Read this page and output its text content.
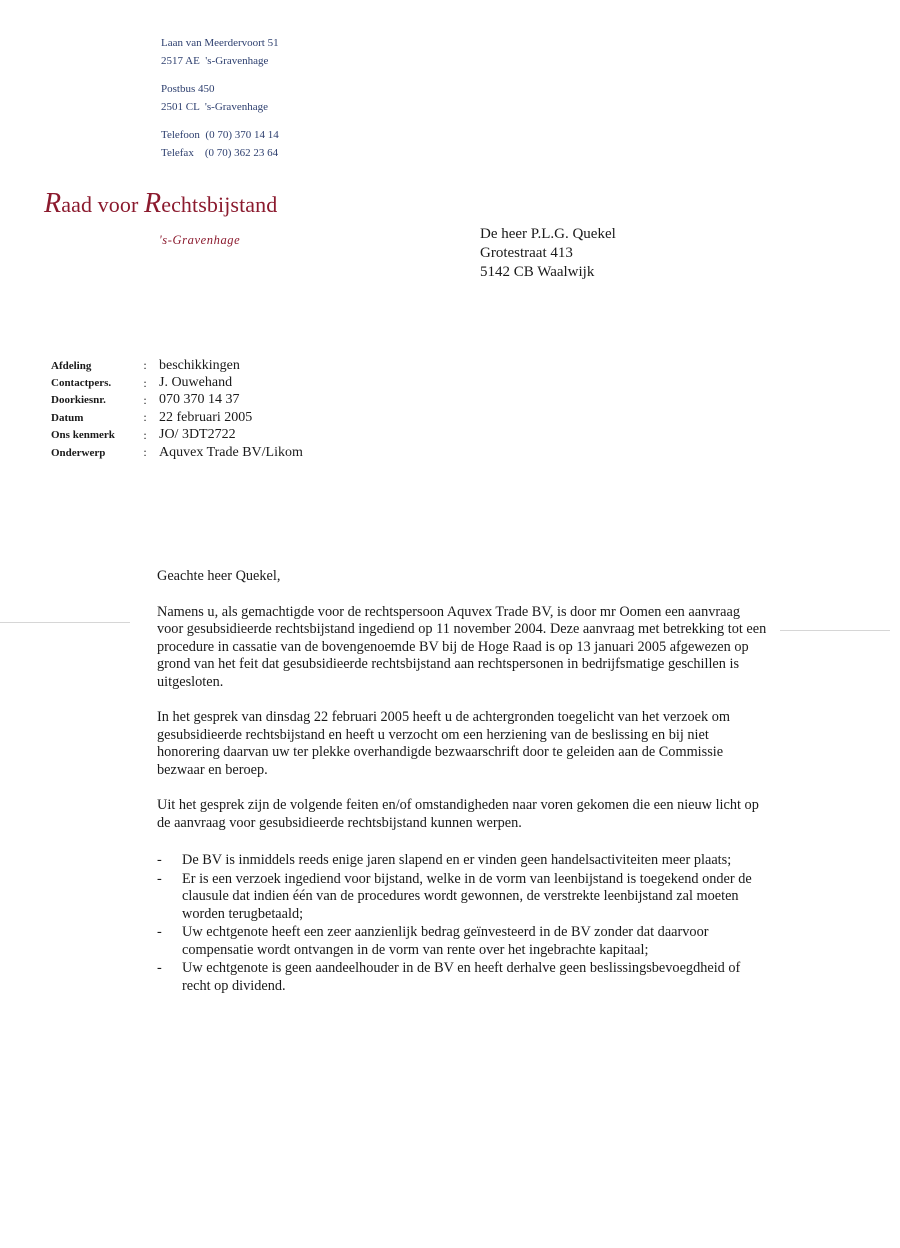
Laan van Meerdervoort 51
2517 AE  's-Gravenhage
Postbus 450
2501 CL  's-Gravenhage
Telefoon  (0 70) 370 14 14
Telefax    (0 70) 362 23 64
Raad voor Rechtsbijstand
's-Gravenhage	De heer P.L.G. Quekel
Grotestraat 413
5142 CB Waalwijk
Afdeling	:	beschikkingen
Contactpers.	:	J. Ouwehand
Doorkiesnr.	:	070 370 14 37
Datum	:	22 februari 2005
Ons kenmerk	:	JO/ 3DT2722
Onderwerp	:	Aquvex Trade BV/Likom

Geachte heer Quekel,

Namens u, als gemachtigde voor de rechtspersoon Aquvex Trade BV, is door mr Oomen een aanvraag voor gesubsidieerde rechtsbijstand ingediend op 11 november 2004. Deze aanvraag met betrekking tot een procedure in cassatie van de bovengenoemde BV bij de Hoge Raad is op 13 januari 2005 afgewezen op grond van het feit dat gesubsidieerde rechtsbijstand aan rechtspersonen in bedrijfsmatige geschillen is uitgesloten.

In het gesprek van dinsdag 22 februari 2005 heeft u de achtergronden toegelicht van het verzoek om gesubsidieerde rechtsbijstand en heeft u verzocht om een herziening van de beslissing en bij niet honorering daarvan uw ter plekke overhandigde bezwaarschrift door te geleiden aan de Commissie bezwaar en beroep.

Uit het gesprek zijn de volgende feiten en/of omstandigheden naar voren gekomen die een nieuw licht op de aanvraag voor gesubsidieerde rechtsbijstand kunnen werpen.

- De BV is inmiddels reeds enige jaren slapend en er vinden geen handelsactiviteiten meer plaats;
- Er is een verzoek ingediend voor bijstand, welke in de vorm van leenbijstand is toegekend onder de clausule dat indien één van de procedures wordt gewonnen, de verstrekte leenbijstand zal moeten worden terugbetaald;
- Uw echtgenote heeft een zeer aanzienlijk bedrag geïnvesteerd in de BV zonder dat daarvoor compensatie wordt ontvangen in de vorm van rente over het ingebrachte kapitaal;
- Uw echtgenote is geen aandeelhouder in de BV en heeft derhalve geen beslissingsbevoegdheid of recht op dividend.
